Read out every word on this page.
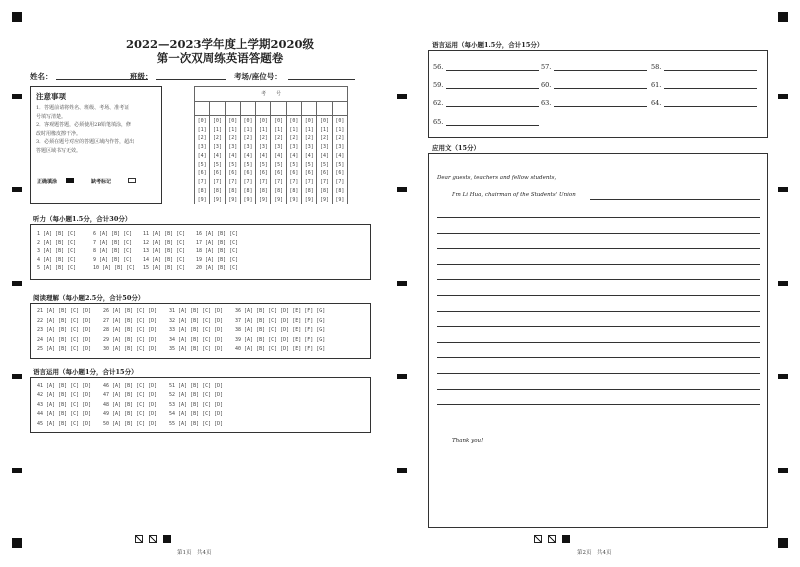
2022—2023学年度上学期2020级
第一次双周练英语答题卷
姓名：	班级：	考场/座位号：
注意事项
1．答题前请将姓名、班级、考场、准考证
号填写清楚。
2．客观题答题，必须使用2B铅笔填涂，修
改时用橡皮擦干净。
3．必须在题号对应的答题区域内作答，超出
答题区域书写无效。
正确填涂	缺考标记
考　　号									

[0]	[0]	[0]	[0]	[0]	[0]	[0]	[0]	[0]	[0]
[1]	[1]	[1]	[1]	[1]	[1]	[1]	[1]	[1]	[1]
[2]	[2]	[2]	[2]	[2]	[2]	[2]	[2]	[2]	[2]
[3]	[3]	[3]	[3]	[3]	[3]	[3]	[3]	[3]	[3]
[4]	[4]	[4]	[4]	[4]	[4]	[4]	[4]	[4]	[4]
[5]	[5]	[5]	[5]	[5]	[5]	[5]	[5]	[5]	[5]
[6]	[6]	[6]	[6]	[6]	[6]	[6]	[6]	[6]	[6]
[7]	[7]	[7]	[7]	[7]	[7]	[7]	[7]	[7]	[7]
[8]	[8]	[8]	[8]	[8]	[8]	[8]	[8]	[8]	[8]
[9]	[9]	[9]	[9]	[9]	[9]	[9]	[9]	[9]	[9]
听力（每小题1.5分，合计30分）
1 [A] [B] [C]
2 [A] [B] [C]
3 [A] [B] [C]
4 [A] [B] [C]
5 [A] [B] [C]
6 [A] [B] [C]
7 [A] [B] [C]
8 [A] [B] [C]
9 [A] [B] [C]
10 [A] [B] [C]
11 [A] [B] [C]
12 [A] [B] [C]
13 [A] [B] [C]
14 [A] [B] [C]
15 [A] [B] [C]
16 [A] [B] [C]
17 [A] [B] [C]
18 [A] [B] [C]
19 [A] [B] [C]
20 [A] [B] [C]
阅读理解（每小题2.5分，合计50分）
21 [A] [B] [C] [D]
22 [A] [B] [C] [D]
23 [A] [B] [C] [D]
24 [A] [B] [C] [D]
25 [A] [B] [C] [D]
26 [A] [B] [C] [D]
27 [A] [B] [C] [D]
28 [A] [B] [C] [D]
29 [A] [B] [C] [D]
30 [A] [B] [C] [D]
31 [A] [B] [C] [D]
32 [A] [B] [C] [D]
33 [A] [B] [C] [D]
34 [A] [B] [C] [D]
35 [A] [B] [C] [D]
36 [A] [B] [C] [D] [E] [F] [G]
37 [A] [B] [C] [D] [E] [F] [G]
38 [A] [B] [C] [D] [E] [F] [G]
39 [A] [B] [C] [D] [E] [F] [G]
40 [A] [B] [C] [D] [E] [F] [G]
语言运用（每小题1分，合计15分）
41 [A] [B] [C] [D]
42 [A] [B] [C] [D]
43 [A] [B] [C] [D]
44 [A] [B] [C] [D]
45 [A] [B] [C] [D]
46 [A] [B] [C] [D]
47 [A] [B] [C] [D]
48 [A] [B] [C] [D]
49 [A] [B] [C] [D]
50 [A] [B] [C] [D]
51 [A] [B] [C] [D]
52 [A] [B] [C] [D]
53 [A] [B] [C] [D]
54 [A] [B] [C] [D]
55 [A] [B] [C] [D]
语言运用（每小题1.5分，合计15分）
56.	57.	58.
59.	60.	61.
62.	63.	64.
65.
应用文（15分）
Dear guests, teachers and fellow students，
I'm Li Hua, chairman of the Students' Union
Thank you!
第1页　共4页	第2页　共4页
